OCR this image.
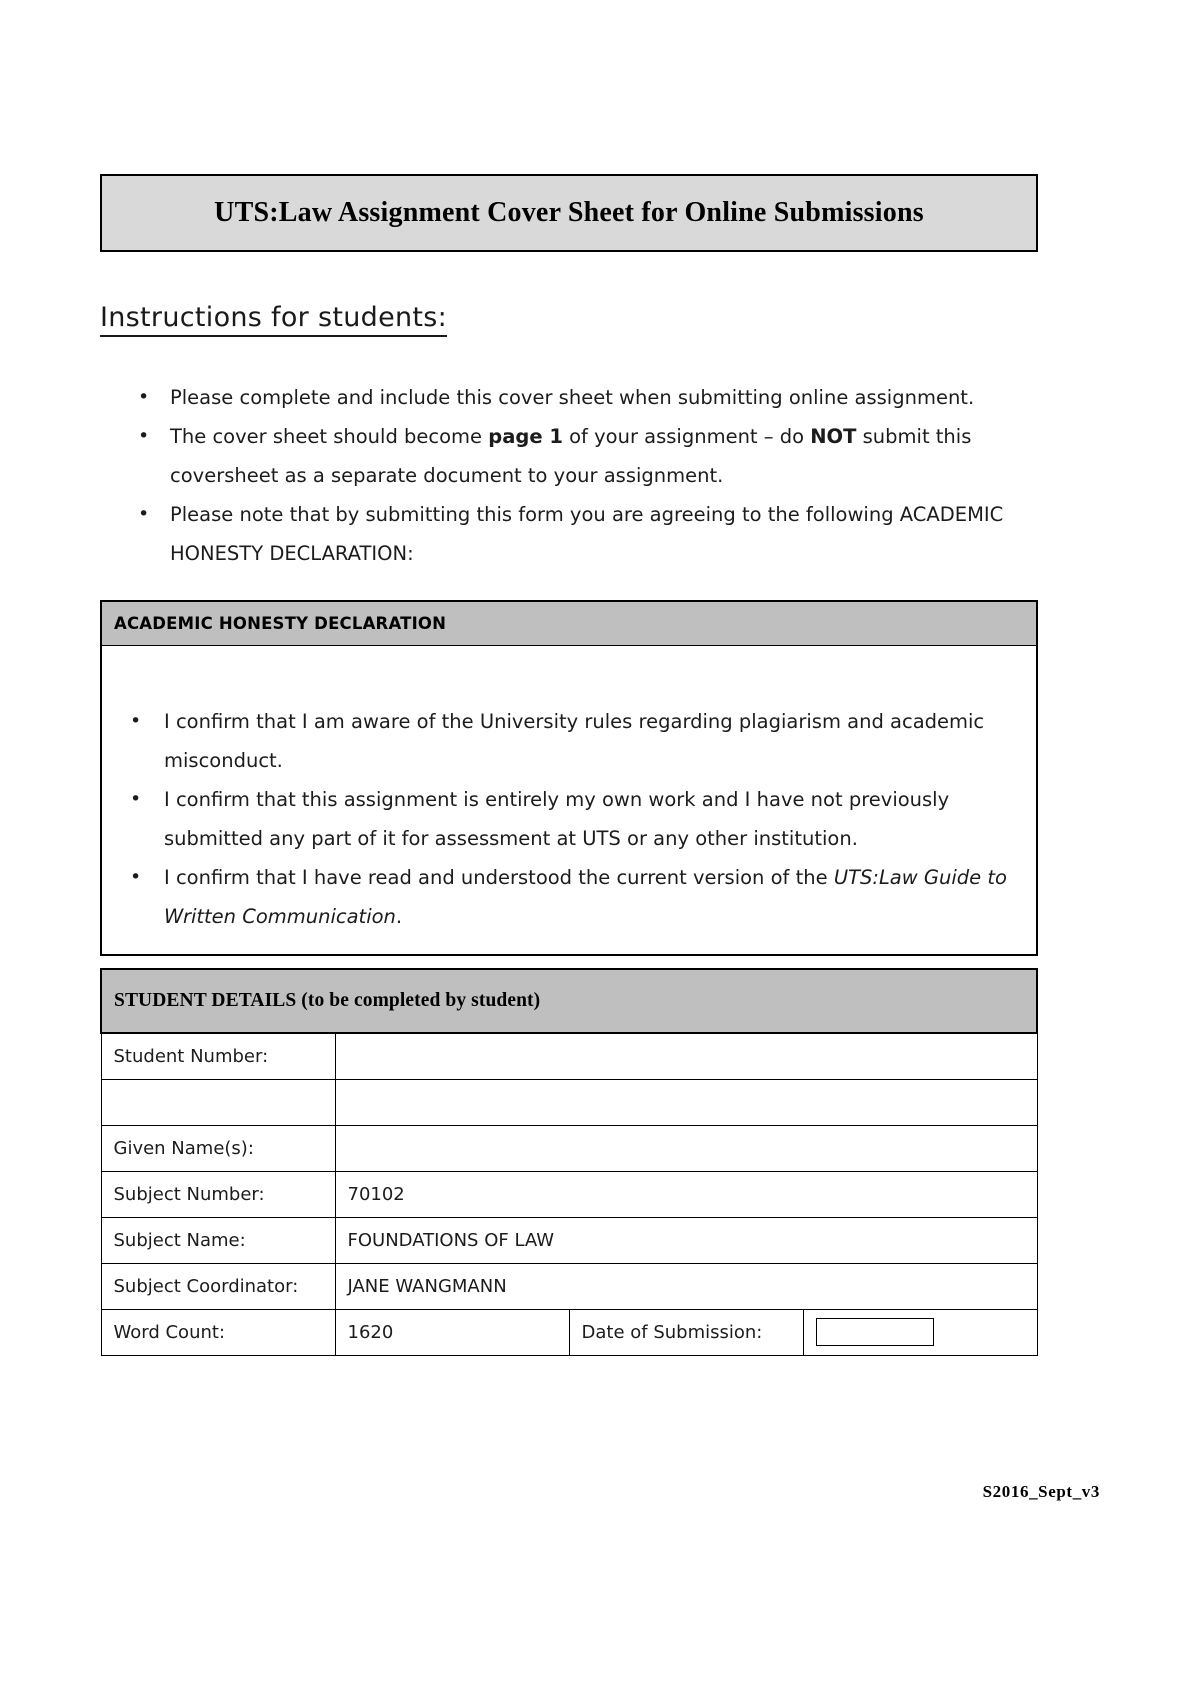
UTS:Law Assignment Cover Sheet for Online Submissions
Instructions for students:
• Please complete and include this cover sheet when submitting online assignment.
• The cover sheet should become page 1 of your assignment – do NOT submit this coversheet as a separate document to your assignment.
• Please note that by submitting this form you are agreeing to the following ACADEMIC HONESTY DECLARATION:
ACADEMIC HONESTY DECLARATION
• I confirm that I am aware of the University rules regarding plagiarism and academic misconduct.
• I confirm that this assignment is entirely my own work and I have not previously submitted any part of it for assessment at UTS or any other institution.
• I confirm that I have read and understood the current version of the UTS:Law Guide to Written Communication.
STUDENT DETAILS (to be completed by student)			
Student Number:			

Given Name(s):			
Subject Number:	70102		
Subject Name:	FOUNDATIONS OF LAW		
Subject Coordinator:	JANE WANGMANN		
Word Count:	1620	Date of Submission:	
S2016_Sept_v3
